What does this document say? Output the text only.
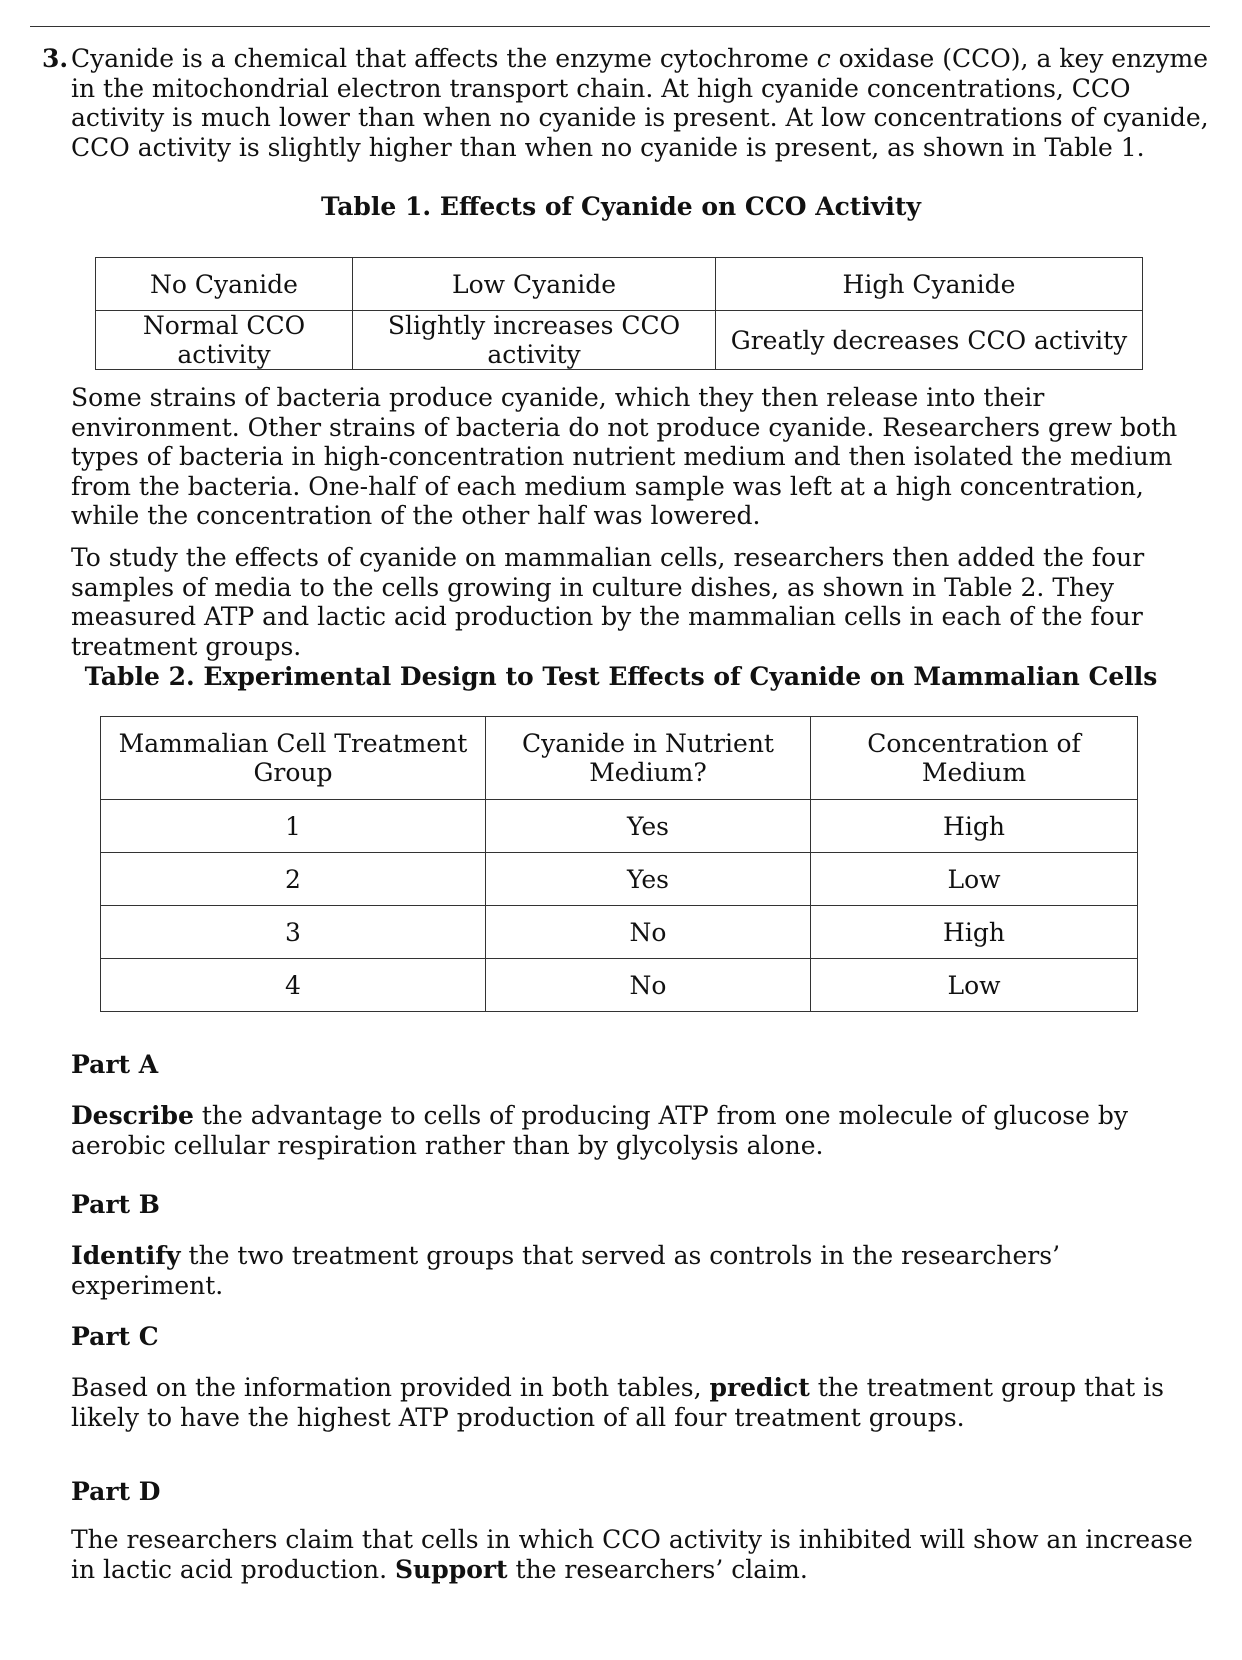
3. Cyanide is a chemical that affects the enzyme cytochrome c oxidase (CCO), a key enzyme in the mitochondrial electron transport chain. At high cyanide concentrations, CCO activity is much lower than when no cyanide is present. At low concentrations of cyanide, CCO activity is slightly higher than when no cyanide is present, as shown in Table 1.
Table 1. Effects of Cyanide on CCO Activity
No Cyanide	Low Cyanide	High Cyanide
Normal CCO activity	Slightly increases CCO activity	Greatly decreases CCO activity
Some strains of bacteria produce cyanide, which they then release into their environment. Other strains of bacteria do not produce cyanide. Researchers grew both types of bacteria in high-concentration nutrient medium and then isolated the medium from the bacteria. One-half of each medium sample was left at a high concentration, while the concentration of the other half was lowered.
To study the effects of cyanide on mammalian cells, researchers then added the four samples of media to the cells growing in culture dishes, as shown in Table 2. They measured ATP and lactic acid production by the mammalian cells in each of the four treatment groups.
Table 2. Experimental Design to Test Effects of Cyanide on Mammalian Cells
Mammalian Cell Treatment Group	Cyanide in Nutrient Medium?	Concentration of Medium
1	Yes	High
2	Yes	Low
3	No	High
4	No	Low
Part A
Describe the advantage to cells of producing ATP from one molecule of glucose by aerobic cellular respiration rather than by glycolysis alone.
Part B
Identify the two treatment groups that served as controls in the researchers’ experiment.
Part C
Based on the information provided in both tables, predict the treatment group that is likely to have the highest ATP production of all four treatment groups.
Part D
The researchers claim that cells in which CCO activity is inhibited will show an increase in lactic acid production. Support the researchers’ claim.
